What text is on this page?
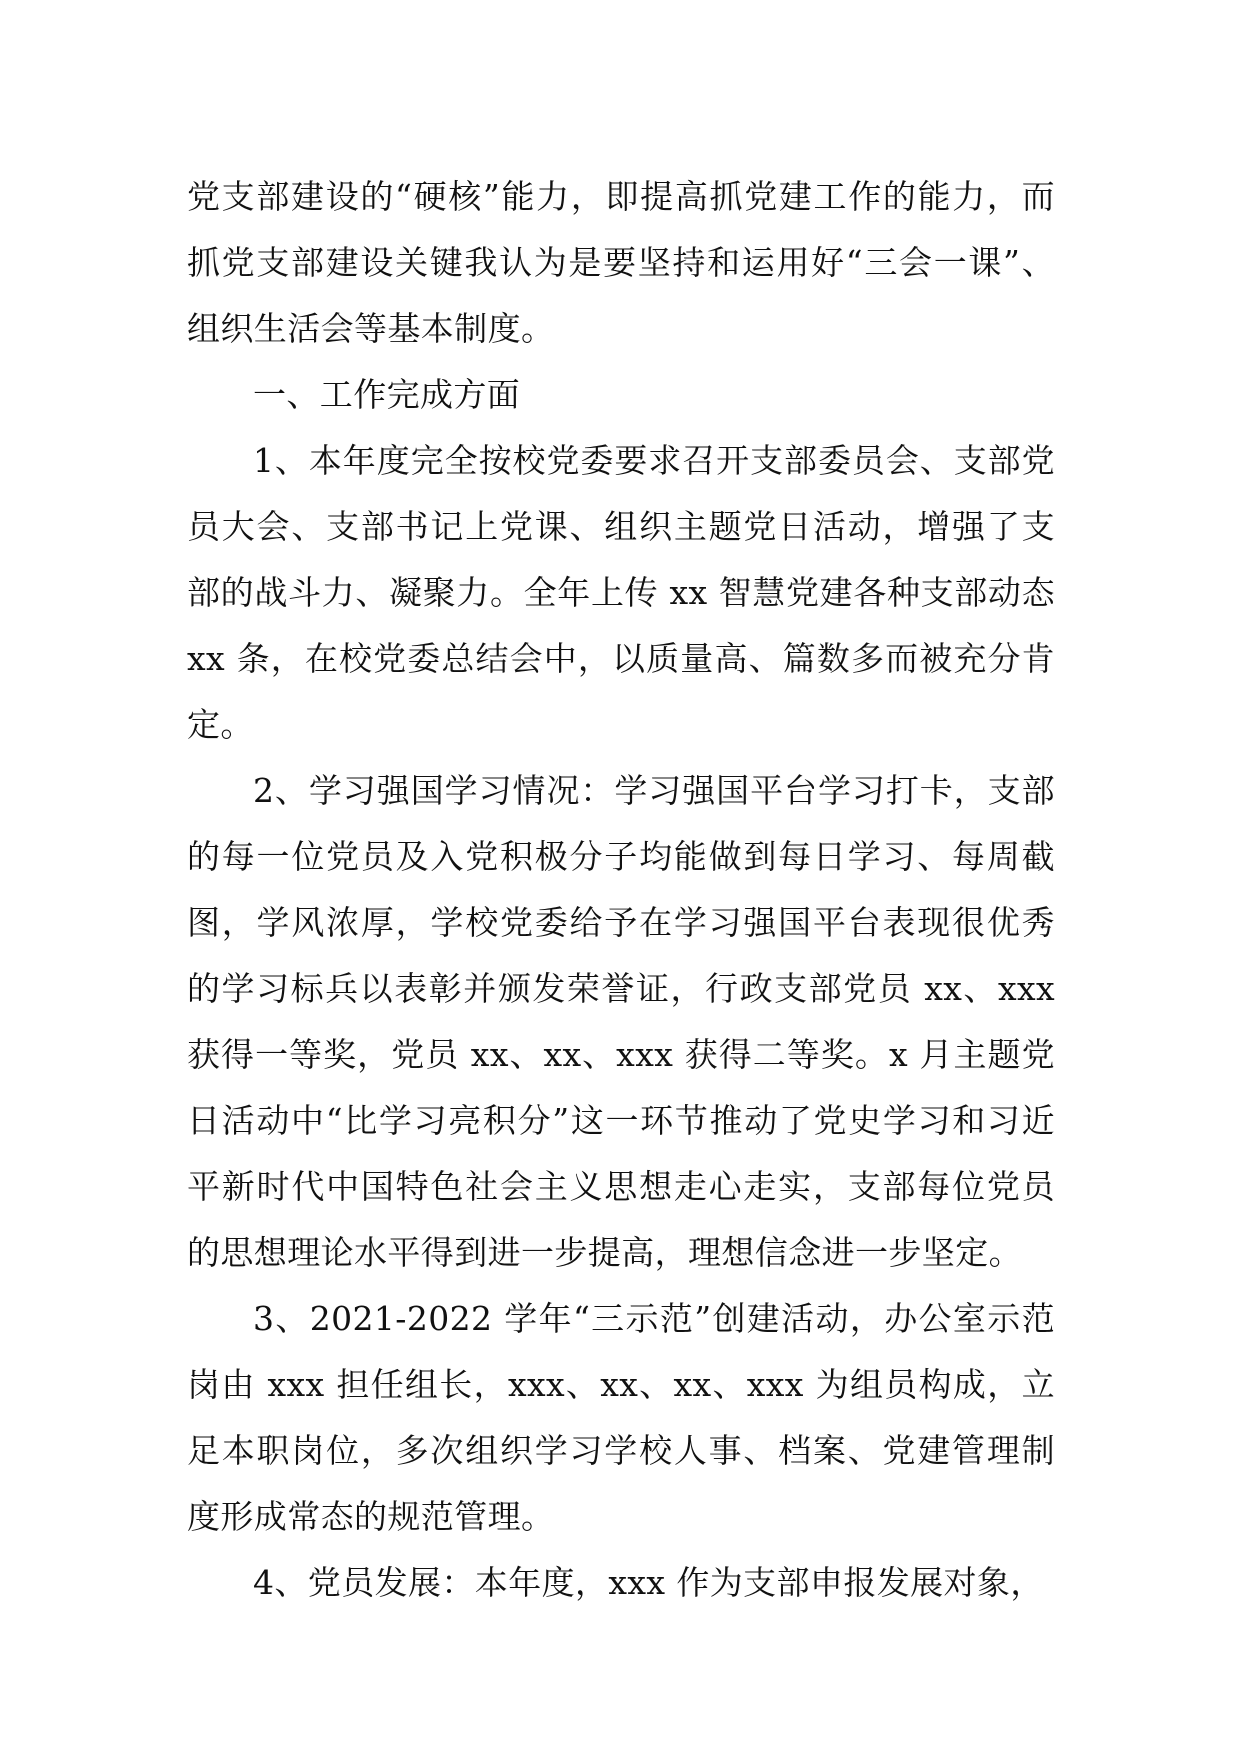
党支部建设的“硬核”能力，即提高抓党建工作的能力，而抓党支部建设关键我认为是要坚持和运用好“三会一课”、组织生活会等基本制度。

一、工作完成方面

1、本年度完全按校党委要求召开支部委员会、支部党员大会、支部书记上党课、组织主题党日活动，增强了支部的战斗力、凝聚力。全年上传 xx 智慧党建各种支部动态 xx 条，在校党委总结会中，以质量高、篇数多而被充分肯定。

2、学习强国学习情况：学习强国平台学习打卡，支部的每一位党员及入党积极分子均能做到每日学习、每周截图，学风浓厚，学校党委给予在学习强国平台表现很优秀的学习标兵以表彰并颁发荣誉证，行政支部党员 xx、xxx 获得一等奖，党员 xx、xx、xxx 获得二等奖。x 月主题党日活动中“比学习亮积分”这一环节推动了党史学习和习近平新时代中国特色社会主义思想走心走实，支部每位党员的思想理论水平得到进一步提高，理想信念进一步坚定。

3、2021-2022 学年“三示范”创建活动，办公室示范岗由 xxx 担任组长，xxx、xx、xx、xxx 为组员构成，立足本职岗位，多次组织学习学校人事、档案、党建管理制度形成常态的规范管理。

4、党员发展：本年度，xxx 作为支部申报发展对象，
